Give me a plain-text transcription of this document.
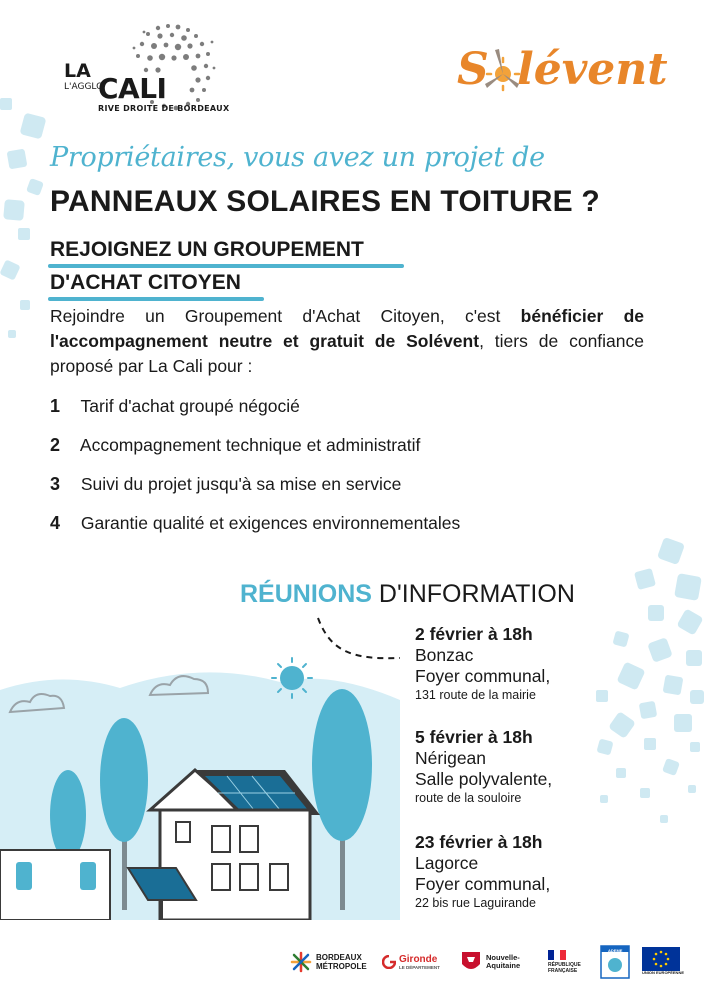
LA
L'AGGLO
CALI
RIVE DROITE DE BORDEAUX
S lévent
Propriétaires, vous avez un projet de
PANNEAUX SOLAIRES EN TOITURE ?
REJOIGNEZ UN GROUPEMENT
D'ACHAT CITOYEN

Rejoindre un Groupement d'Achat Citoyen, c'est bénéficier de l'accompagnement neutre et gratuit de Solévent, tiers de confiance proposé par La Cali pour :

1 Tarif d'achat groupé négocié
2 Accompagnement technique et administratif
3 Suivi du projet jusqu'à sa mise en service
4 Garantie qualité et exigences environnementales
RÉUNIONS D'INFORMATION
2 février à 18h
Bonzac
Foyer communal,
131 route de la mairie
5 février à 18h
Nérigean
Salle polyvalente,
route de la souloire
23 février à 18h
Lagorce
Foyer communal,
22 bis rue Laguirande
BORDEAUX
MÉTROPOLE
Gironde
LE DÉPARTEMENT
Nouvelle-
Aquitaine	RÉPUBLIQUE
FRANÇAISE
ADEME
UNION EUROPÉENNE
